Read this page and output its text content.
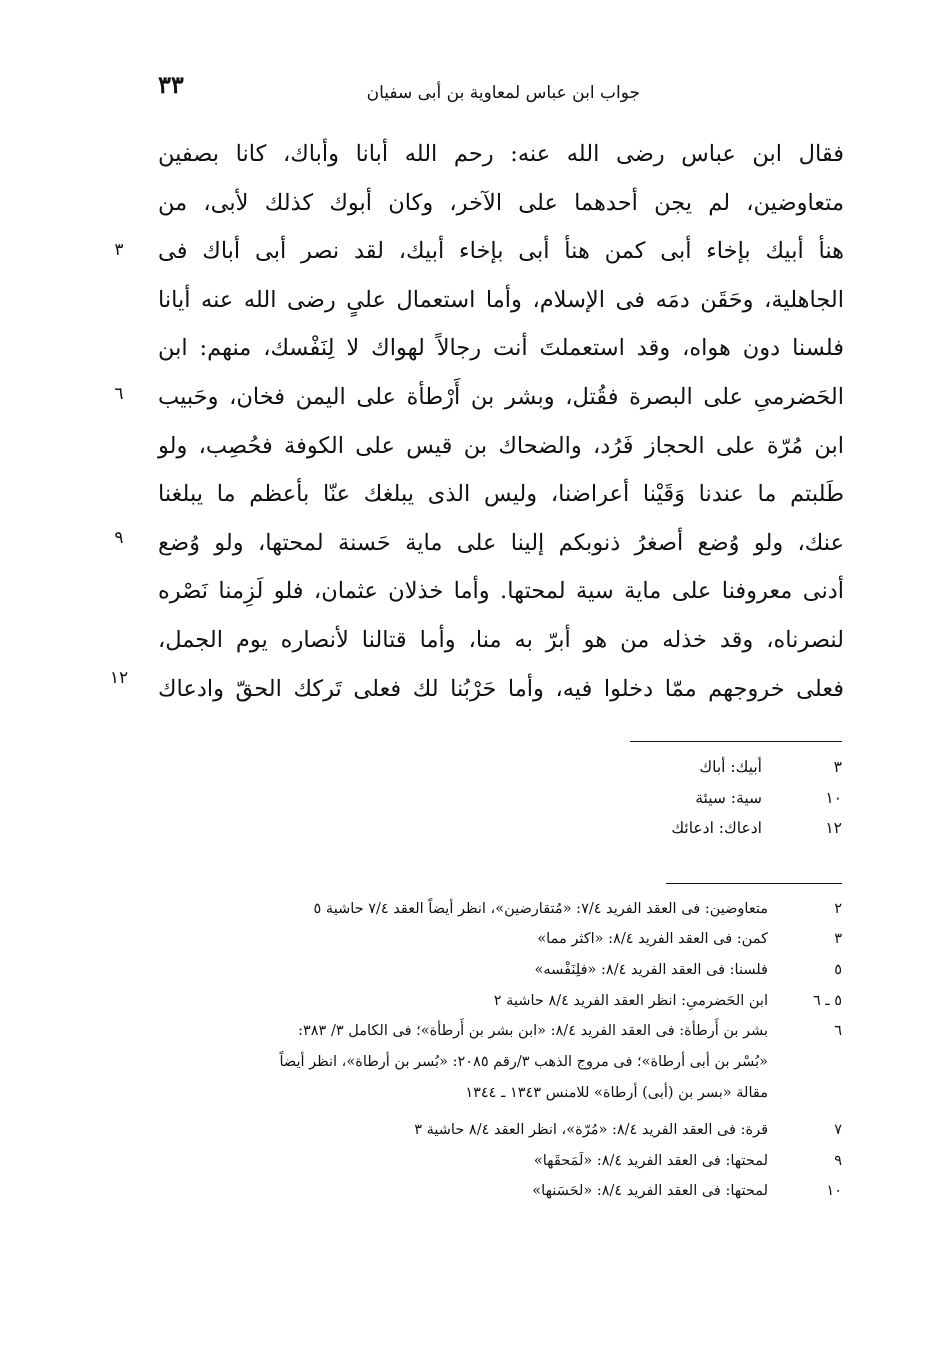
جواب ابن عباس لمعاوية بن أبى سفيان
٣٣
فقال ابن عباس رضى الله عنه: رحم الله أبانا وأباك، كانا بصفين
متعاوضين، لم يجن أحدهما على الآخر، وكان أبوك كذلك لأبى، من
هنأ أبيك بإخاء أبى كمن هنأ أبى بإخاء أبيك، لقد نصر أبى أباك فى
الجاهلية، وحَقَن دمَه فى الإسلام، وأما استعمال علىٍ رضى الله عنه أيانا
فلسنا دون هواه، وقد استعملتَ أنت رجالاً لهواك لا لِنَفْسك، منهم: ابن
الحَضرمىِ على البصرة فقُتل، وبشر بن أَرْطأة على اليمن فخان، وحَبيب
ابن مُرّة على الحجاز فَرُد، والضحاك بن قيس على الكوفة فحُصِب، ولو
طَلبتم ما عندنا وَقَيْنا أعراضنا، وليس الذى يبلغك عنّا بأعظم ما يبلغنا
عنك، ولو وُضع أصغرُ ذنوبكم إلينا على ماية حَسنة لمحتها، ولو وُضع
أدنى معروفنا على ماية سية لمحتها. وأما خذلان عثمان، فلو لَزِمنا نَصْره
لنصرناه، وقد خذله من هو أبرّ به منا، وأما قتالنا لأنصاره يوم الجمل،
فعلى خروجهم ممّا دخلوا فيه، وأما حَرْبُنا لك فعلى تَركك الحقّ وادعاك
٣
٦
٩
١٢
٣
أبيك: أباك
١٠
سية: سيئة
١٢
ادعاك: ادعائك
٢
متعاوضين: فى العقد الفريد ٧/٤: «مُتقارضين»، انظر أيضاً العقد ٧/٤ حاشية ٥
٣
كمن: فى العقد الفريد ٨/٤: «اكثر مما»
٥
فلسنا: فى العقد الفريد ٨/٤: «فلِنَفْسه»
٥ ـ ٦
ابن الحَضرمىِ: انظر العقد الفريد ٨/٤ حاشية ٢
٦
بشر بن أَرطأة: فى العقد الفريد ٨/٤: «ابن بشر بن أَرطأة»؛ فى الكامل ٣/ ٣٨٣:
«بُسْر بن أبى أرطاة»؛ فى مروج الذهب ٣/رقم ٢٠٨٥: «بُسر بن أرطاة»، انظر أيضاً
مقالة «بسر بن (أبى) أرطاة» للامنس ١٣٤٣ ـ ١٣٤٤
٧
قرة: فى العقد الفريد ٨/٤: «مُرّة»، انظر العقد ٨/٤ حاشية ٣
٩
لمحتها: فى العقد الفريد ٨/٤: «لَمَحقَها»
١٠
لمحتها: فى العقد الفريد ٨/٤: «لحَسَنها»
